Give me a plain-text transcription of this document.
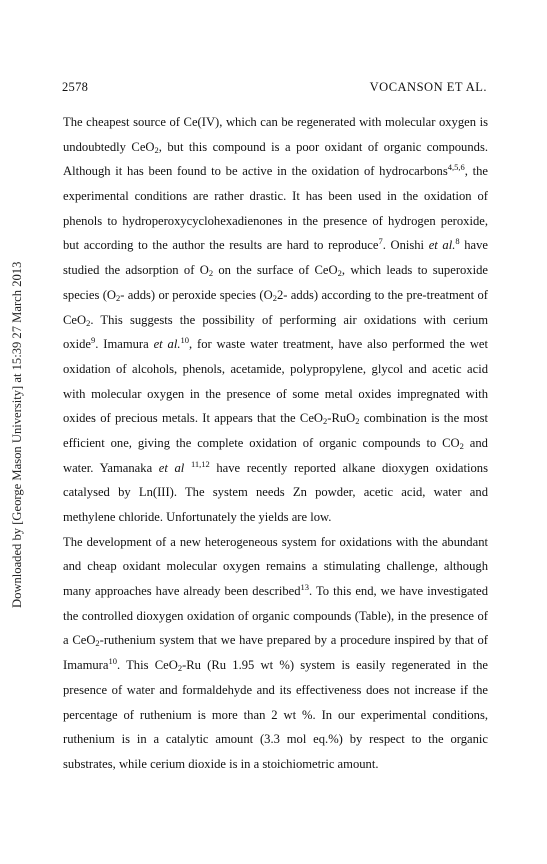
2578	VOCANSON ET AL.
Downloaded by [George Mason University] at 15:39 27 March 2013
The cheapest source of Ce(IV), which can be regenerated with molecular oxygen is
undoubtedly CeO$_2$, but this compound is a poor oxidant of organic compounds.
Although it has been found to be active in the oxidation of hydrocarbons$^{4,5,6}$, the
experimental conditions are rather drastic. It has been used in the oxidation of
phenols to hydroperoxycyclohexadienones in the presence of hydrogen peroxide,
but according to the author the results are hard to reproduce$^7$. Onishi et al.$^8$ have
studied the adsorption of $O_2$ on the surface of CeO$_2$, which leads to superoxide
species ($O_2-$ adds) or peroxide species ($O_22-$ adds) according to the pre-treatment of
CeO$_2$. This suggests the possibility of performing air oxidations with cerium
oxide$^9$. Imamura et al.$^{10}$, for waste water treatment, have also performed the wet
oxidation of alcohols, phenols, acetamide, polypropylene, glycol and acetic acid
with molecular oxygen in the presence of some metal oxides impregnated with
oxides of precious metals. It appears that the CeO$_2$-RuO$_2$ combination is the most
efficient one, giving the complete oxidation of organic compounds to $CO_2$ and
water. Yamanaka et al $^{11,12}$ have recently reported alkane dioxygen oxidations
catalysed by Ln(III). The system needs Zn powder, acetic acid, water and
methylene chloride. Unfortunately the yields are low.
The development of a new heterogeneous system for oxidations with the abundant
and cheap oxidant molecular oxygen remains a stimulating challenge, although
many approaches have already been described$^{13}$. To this end, we have investigated
the controlled dioxygen oxidation of organic compounds (Table), in the presence of
a CeO$_2$-ruthenium system that we have prepared by a procedure inspired by that of
Imamura$^{10}$. This CeO$_2$-Ru (Ru 1.95 wt %) system is easily regenerated in the
presence of water and formaldehyde and its effectiveness does not increase if the
percentage of ruthenium is more than 2 wt %. In our experimental conditions,
ruthenium is in a catalytic amount (3.3 mol eq.%) by respect to the organic
substrates, while cerium dioxide is in a stoichiometric amount.
